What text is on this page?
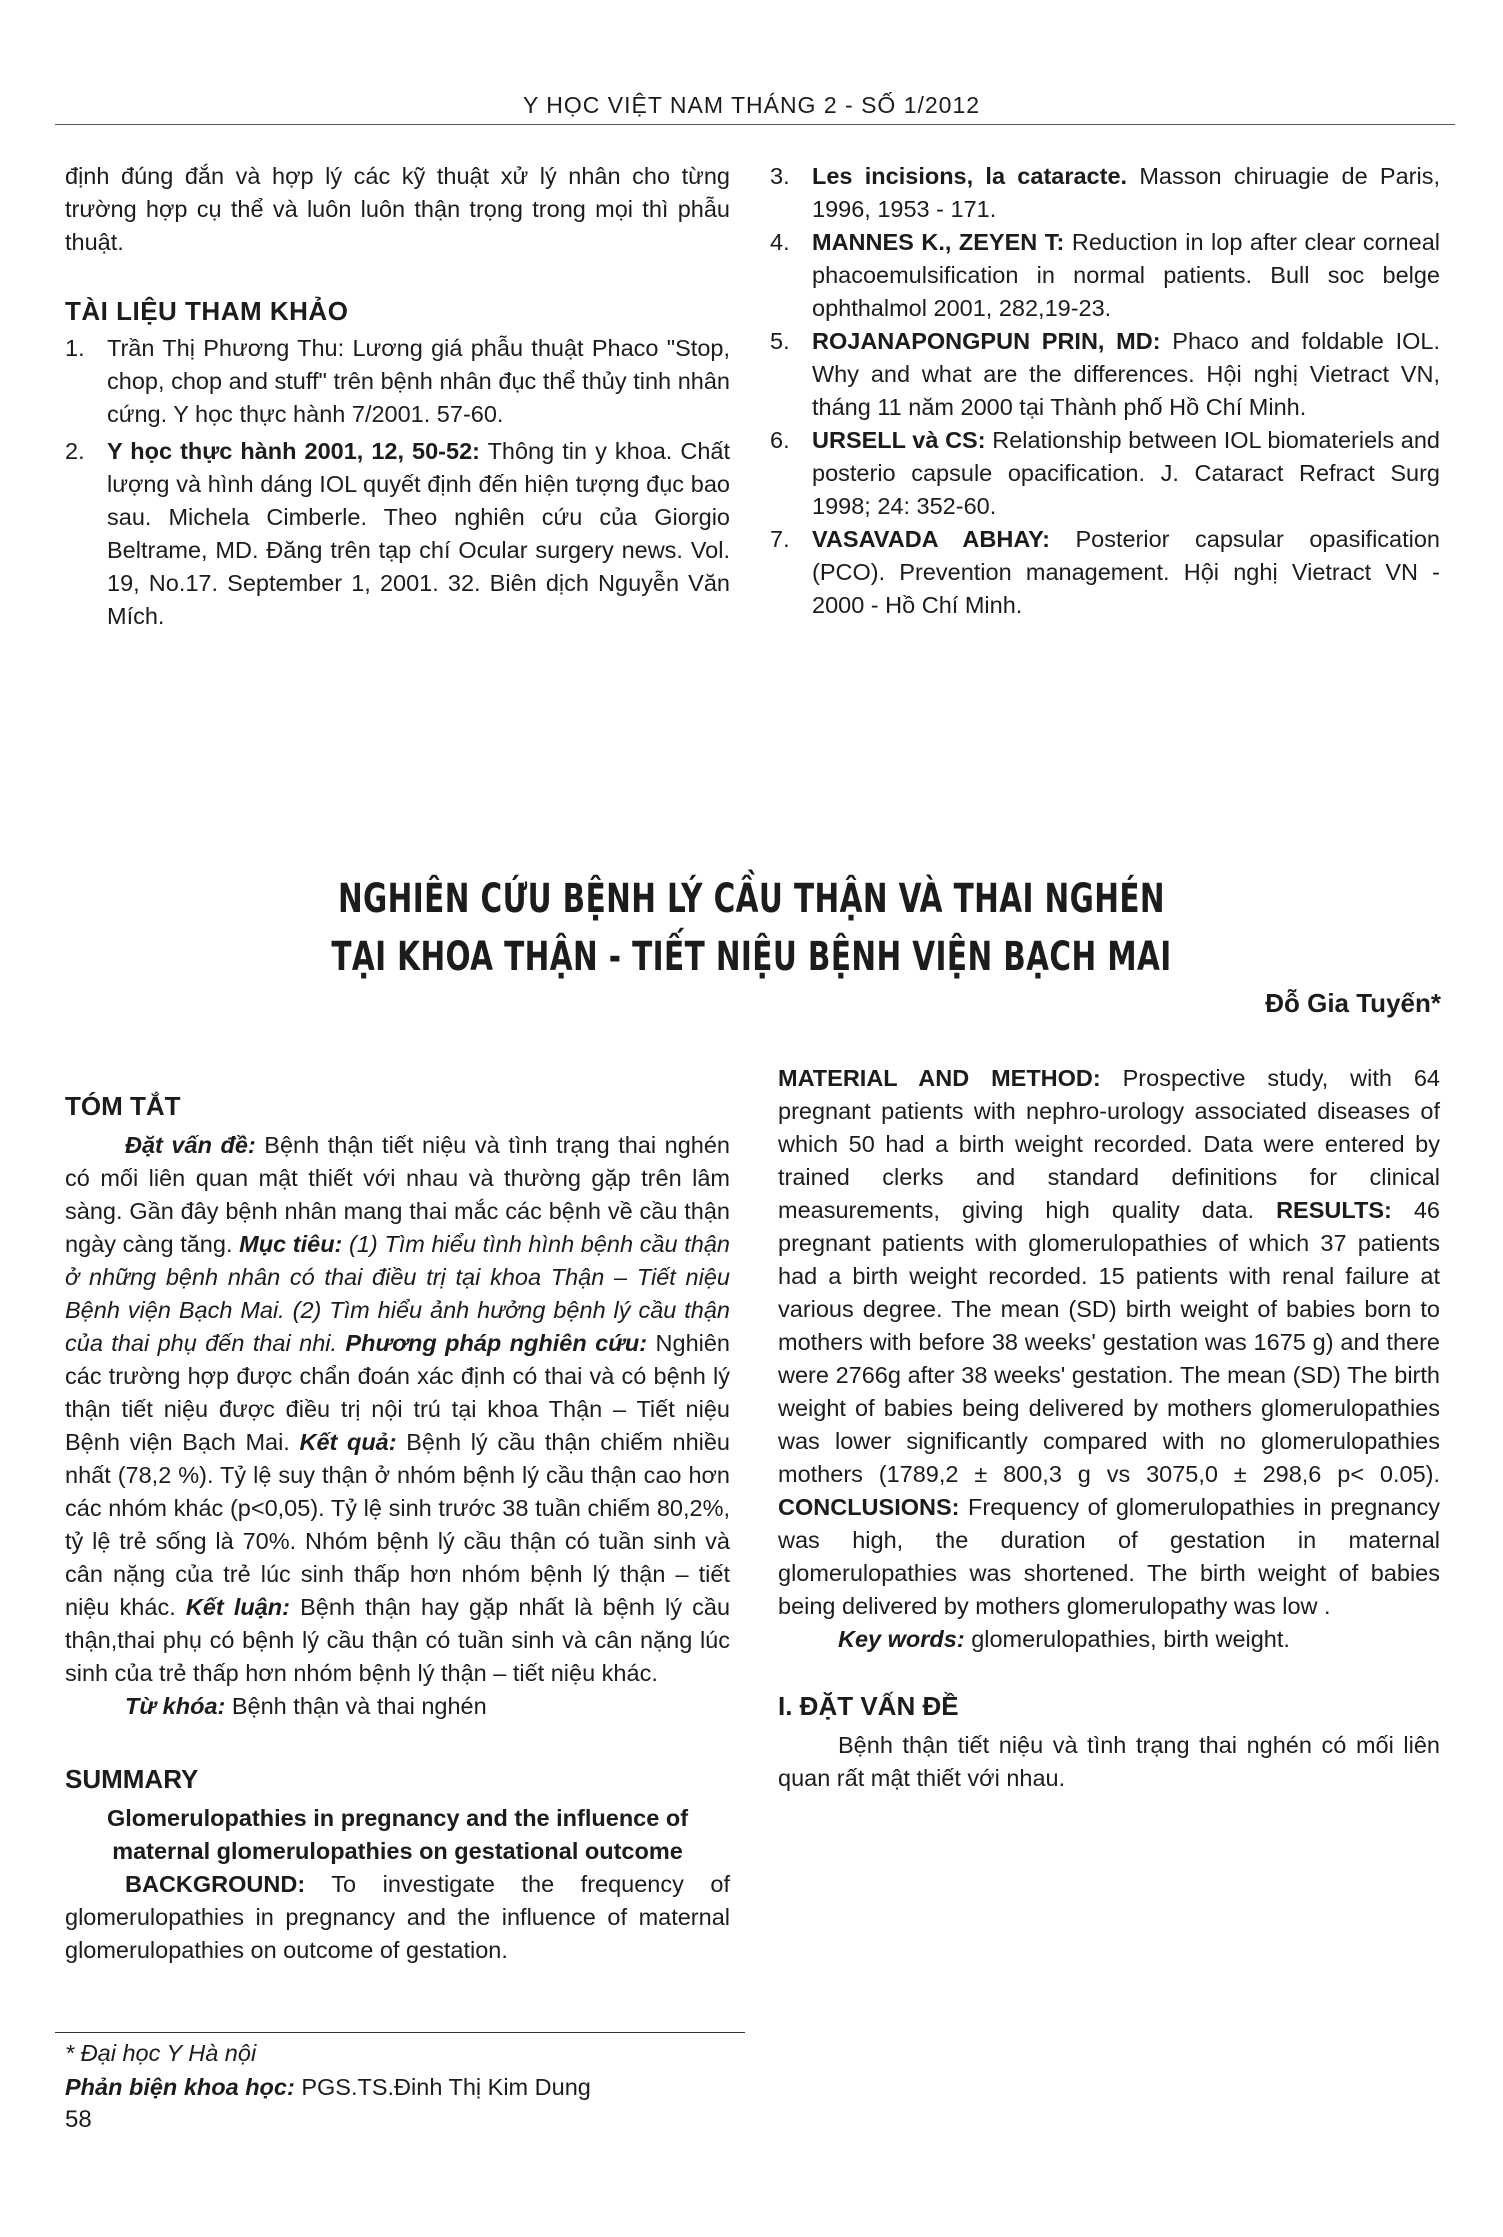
Y HỌC VIỆT NAM THÁNG 2 - SỐ 1/2012

định đúng đắn và hợp lý các kỹ thuật xử lý nhân cho từng trường hợp cụ thể và luôn luôn thận trọng trong mọi thì phẫu thuật.

TÀI LIỆU THAM KHẢO
1. Trần Thị Phương Thu: Lương giá phẫu thuật Phaco "Stop, chop, chop and stuff" trên bệnh nhân đục thể thủy tinh nhân cứng. Y học thực hành 7/2001. 57-60.
2. Y học thực hành 2001, 12, 50-52: Thông tin y khoa. Chất lượng và hình dáng IOL quyết định đến hiện tượng đục bao sau. Michela Cimberle. Theo nghiên cứu của Giorgio Beltrame, MD. Đăng trên tạp chí Ocular surgery news. Vol. 19, No.17. September 1, 2001. 32. Biên dịch Nguyễn Văn Mích.
3. Les incisions, la cataracte. Masson chiruagie de Paris, 1996, 1953 - 171.
4. MANNES K., ZEYEN T: Reduction in lop after clear corneal phacoemulsification in normal patients. Bull soc belge ophthalmol 2001, 282,19-23.
5. ROJANAPONGPUN PRIN, MD: Phaco and foldable IOL. Why and what are the differences. Hội nghị Vietract VN, tháng 11 năm 2000 tại Thành phố Hồ Chí Minh.
6. URSELL và CS: Relationship between IOL biomateriels and posterio capsule opacification. J. Cataract Refract Surg 1998; 24: 352-60.
7. VASAVADA ABHAY: Posterior capsular opasification (PCO). Prevention management. Hội nghị Vietract VN - 2000 - Hồ Chí Minh.
NGHIÊN CỨU BỆNH LÝ CẦU THẬN VÀ THAI NGHÉN
TẠI KHOA THẬN - TIẾT NIỆU BỆNH VIỆN BẠCH MAI
Đỗ Gia Tuyến*
TÓM TẮT

Đặt vấn đề: Bệnh thận tiết niệu và tình trạng thai nghén có mối liên quan mật thiết với nhau và thường gặp trên lâm sàng. Gần đây bệnh nhân mang thai mắc các bệnh về cầu thận ngày càng tăng. Mục tiêu: (1) Tìm hiểu tình hình bệnh cầu thận ở những bệnh nhân có thai điều trị tại khoa Thận – Tiết niệu Bệnh viện Bạch Mai. (2) Tìm hiểu ảnh hưởng bệnh lý cầu thận của thai phụ đến thai nhi. Phương pháp nghiên cứu: Nghiên các trường hợp được chẩn đoán xác định có thai và có bệnh lý thận tiết niệu được điều trị nội trú tại khoa Thận – Tiết niệu Bệnh viện Bạch Mai. Kết quả: Bệnh lý cầu thận chiếm nhiều nhất (78,2 %). Tỷ lệ suy thận ở nhóm bệnh lý cầu thận cao hơn các nhóm khác (p<0,05). Tỷ lệ sinh trước 38 tuần chiếm 80,2%, tỷ lệ trẻ sống là 70%. Nhóm bệnh lý cầu thận có tuần sinh và cân nặng của trẻ lúc sinh thấp hơn nhóm bệnh lý thận – tiết niệu khác. Kết luận: Bệnh thận hay gặp nhất là bệnh lý cầu thận,thai phụ có bệnh lý cầu thận có tuần sinh và cân nặng lúc sinh của trẻ thấp hơn nhóm bệnh lý thận – tiết niệu khác.

Từ khóa: Bệnh thận và thai nghén

SUMMARY

Glomerulopathies in pregnancy and the influence of maternal glomerulopathies on gestational outcome

BACKGROUND: To investigate the frequency of glomerulopathies in pregnancy and the influence of maternal glomerulopathies on outcome of gestation.

MATERIAL AND METHOD: Prospective study, with 64 pregnant patients with nephro-urology associated diseases of which 50 had a birth weight recorded. Data were entered by trained clerks and standard definitions for clinical measurements, giving high quality data. RESULTS: 46 pregnant patients with glomerulopathies of which 37 patients had a birth weight recorded. 15 patients with renal failure at various degree. The mean (SD) birth weight of babies born to mothers with before 38 weeks' gestation was 1675 g) and there were 2766g after 38 weeks' gestation. The mean (SD) The birth weight of babies being delivered by mothers glomerulopathies was lower significantly compared with no glomerulopathies mothers (1789,2 ± 800,3 g vs 3075,0 ± 298,6 p< 0.05). CONCLUSIONS: Frequency of glomerulopathies in pregnancy was high, the duration of gestation in maternal glomerulopathies was shortened. The birth weight of babies being delivered by mothers glomerulopathy was low .

Key words: glomerulopathies, birth weight.

I. ĐẶT VẤN ĐỀ

Bệnh thận tiết niệu và tình trạng thai nghén có mối liên quan rất mật thiết với nhau.

* Đại học Y Hà nội
Phản biện khoa học: PGS.TS.Đinh Thị Kim Dung
58
